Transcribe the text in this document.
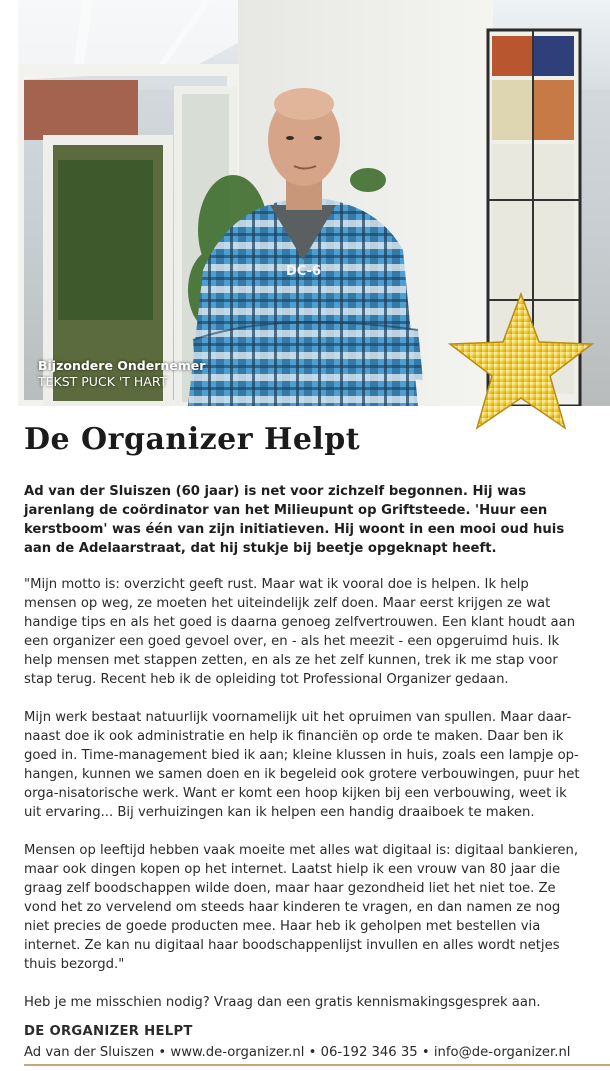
DC-6
Bijzondere Ondernemer
TEKST PUCK 'T HART
De Organizer Helpt

Ad van der Sluiszen (60 jaar) is net voor zichzelf begonnen. Hij was jarenlang de coördinator van het Milieupunt op Griftsteede. 'Huur een kerstboom' was één van zijn initiatieven. Hij woont in een mooi oud huis aan de Adelaarstraat, dat hij stukje bij beetje opgeknapt heeft.

"Mijn motto is: overzicht geeft rust. Maar wat ik vooral doe is helpen. Ik help mensen op weg, ze moeten het uiteindelijk zelf doen. Maar eerst krijgen ze wat handige tips en als het goed is daarna genoeg zelfvertrouwen. Een klant houdt aan een organizer een goed gevoel over, en - als het meezit - een opgeruimd huis. Ik help mensen met stappen zetten, en als ze het zelf kunnen, trek ik me stap voor stap terug. Recent heb ik de opleiding tot Professional Organizer gedaan.

Mijn werk bestaat natuurlijk voornamelijk uit het opruimen van spullen. Maar daar-naast doe ik ook administratie en help ik financiën op orde te maken. Daar ben ik goed in. Time-management bied ik aan; kleine klussen in huis, zoals een lampje op-hangen, kunnen we samen doen en ik begeleid ook grotere verbouwingen, puur het orga-nisatorische werk. Want er komt een hoop kijken bij een verbouwing, weet ik uit ervaring... Bij verhuizingen kan ik helpen een handig draaiboek te maken.

Mensen op leeftijd hebben vaak moeite met alles wat digitaal is: digitaal bankieren, maar ook dingen kopen op het internet. Laatst hielp ik een vrouw van 80 jaar die graag zelf boodschappen wilde doen, maar haar gezondheid liet het niet toe. Ze vond het zo vervelend om steeds haar kinderen te vragen, en dan namen ze nog niet precies de goede producten mee. Haar heb ik geholpen met bestellen via internet. Ze kan nu digitaal haar boodschappenlijst invullen en alles wordt netjes thuis bezorgd."

Heb je me misschien nodig? Vraag dan een gratis kennismakingsgesprek aan.

DE ORGANIZER HELPT
Ad van der Sluiszen • www.de-organizer.nl • 06-192 346 35 • info@de-organizer.nl
